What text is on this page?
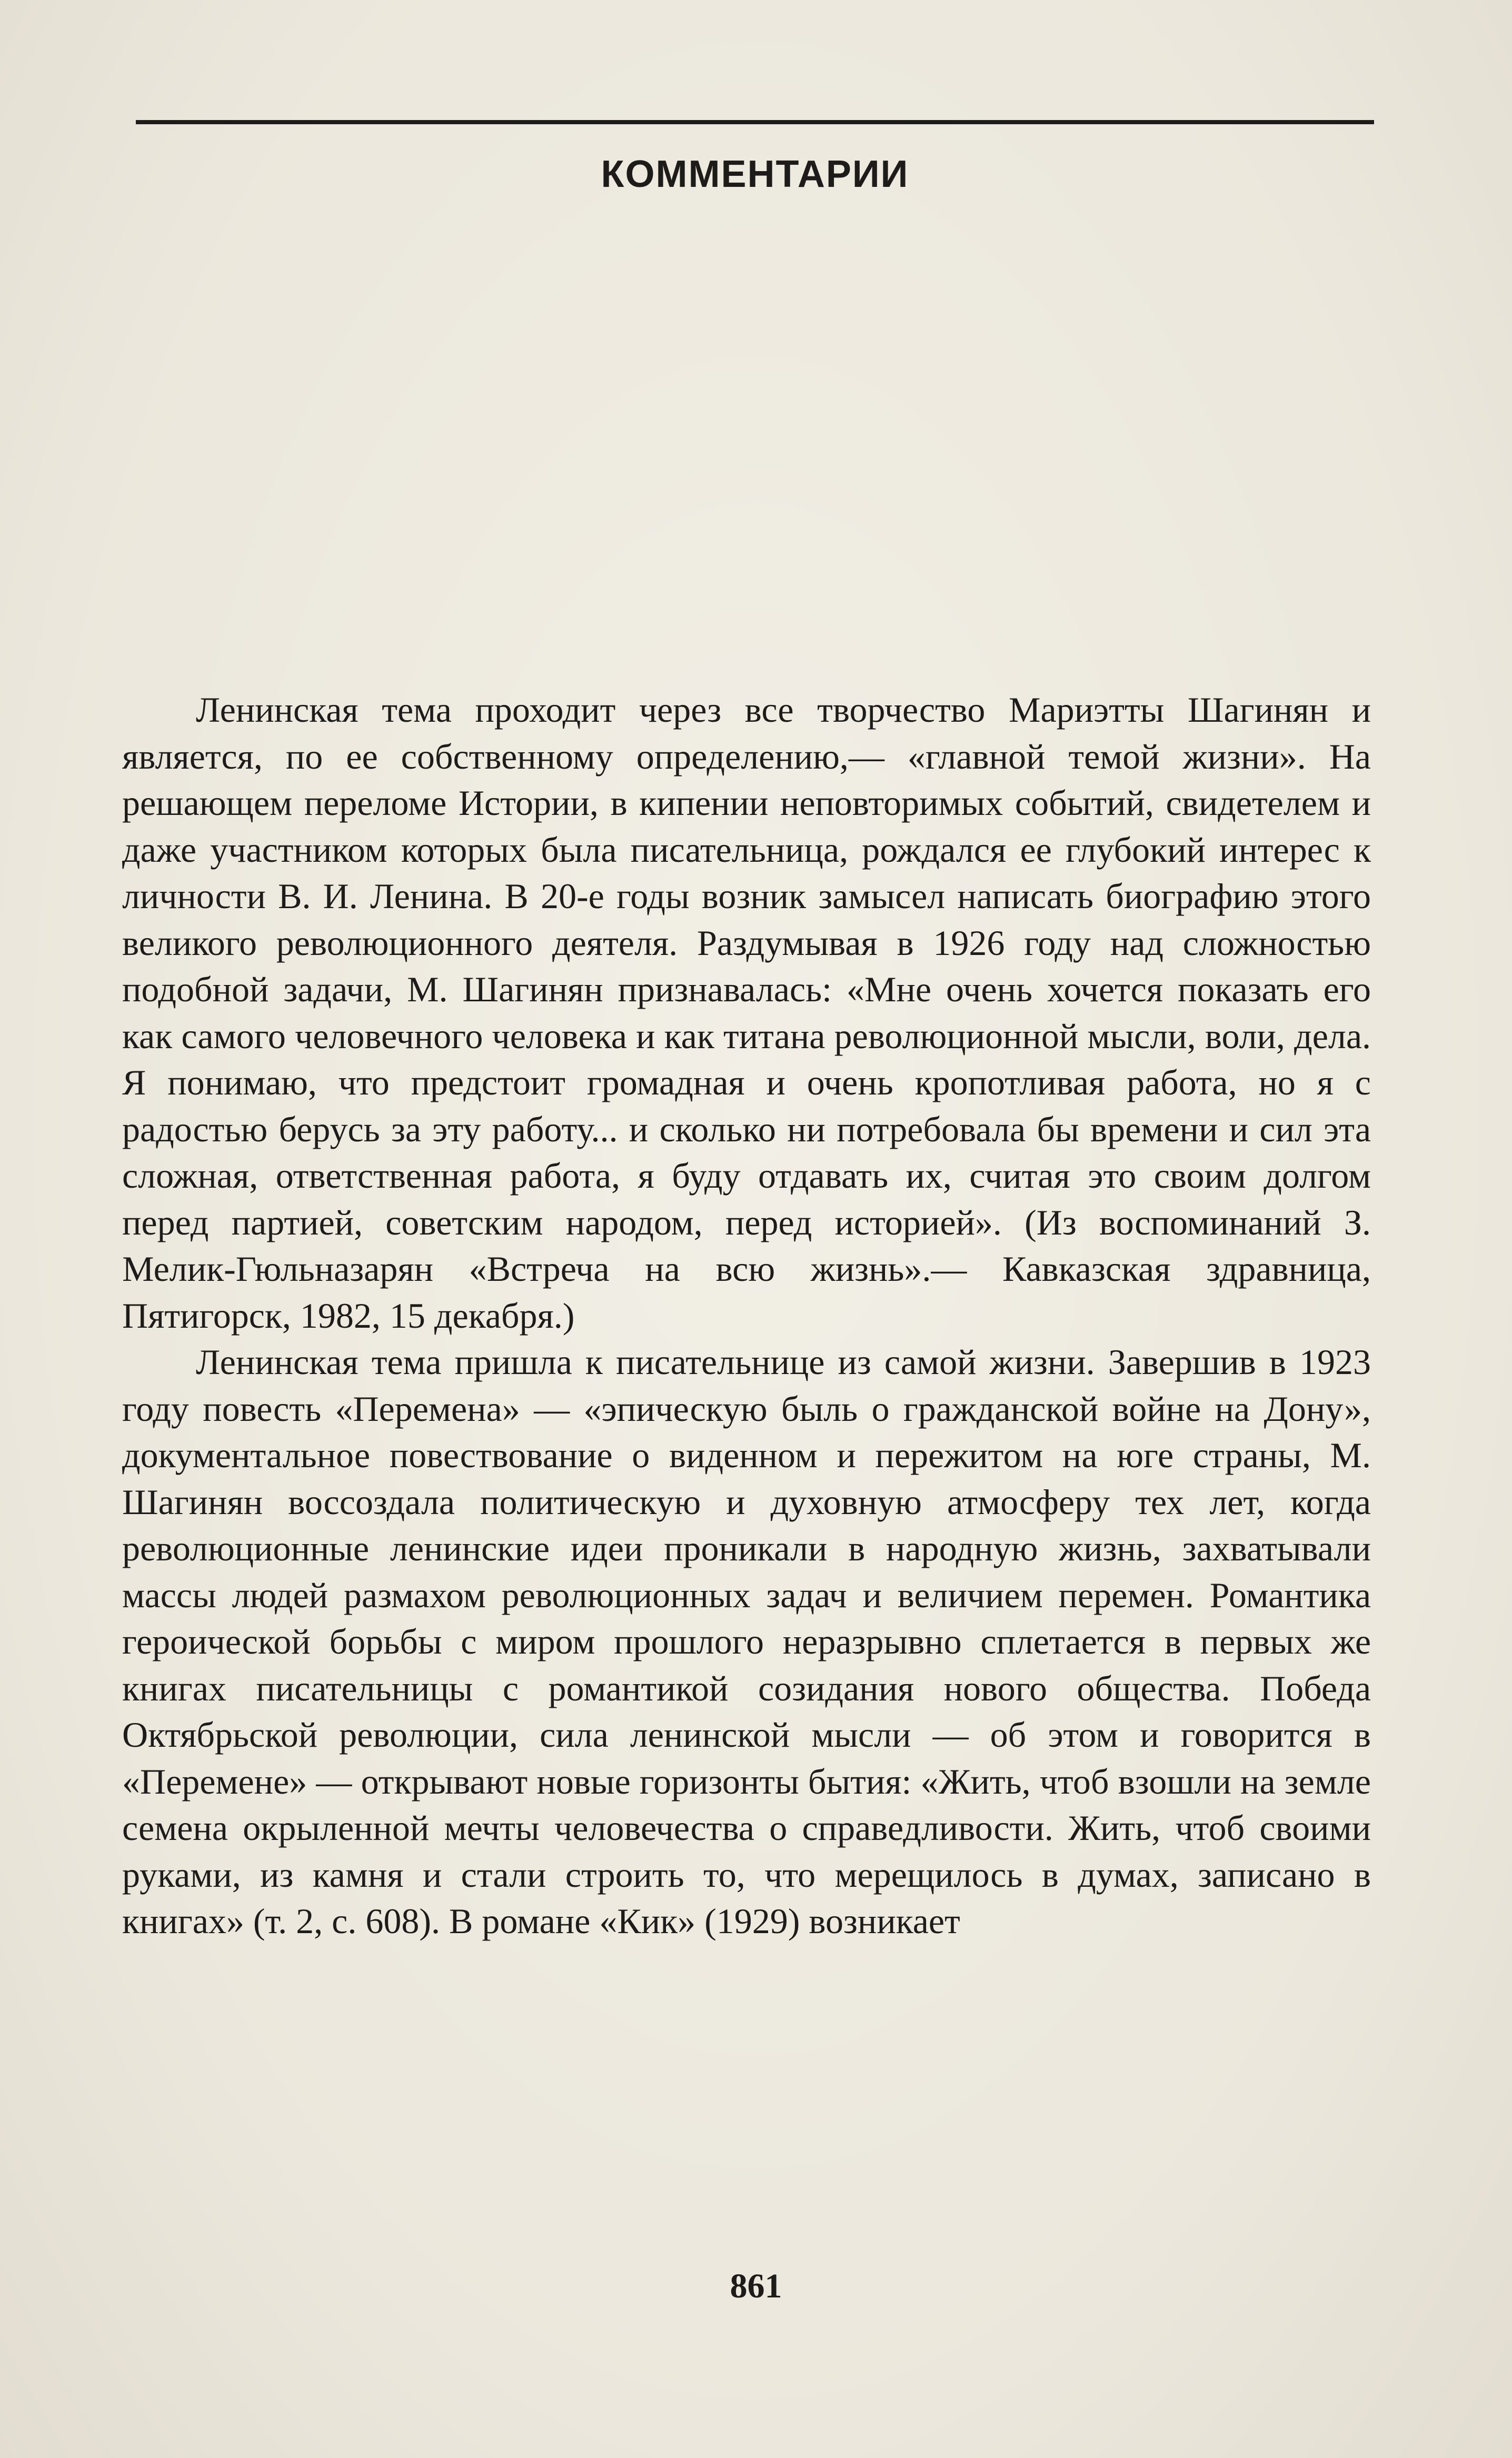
КОММЕНТАРИИ

Ленинская тема проходит через все творчество Мариэтты Шагинян и является, по ее собственному определению,— «главной темой жизни». На решающем переломе Истории, в кипении неповторимых событий, свидетелем и даже участником которых была писательница, рождался ее глубокий интерес к личности В. И. Ленина. В 20-е годы возник замысел написать биографию этого великого революционного деятеля. Раздумывая в 1926 году над сложностью подобной задачи, М. Шагинян признавалась: «Мне очень хочется показать его как самого человечного человека и как титана революционной мысли, воли, дела. Я понимаю, что предстоит громадная и очень кропотливая работа, но я с радостью берусь за эту работу... и сколько ни потребовала бы времени и сил эта сложная, ответственная работа, я буду отдавать их, считая это своим долгом перед партией, советским народом, перед историей». (Из воспоминаний З. Мелик-Гюльназарян «Встреча на всю жизнь».— Кавказская здравница, Пятигорск, 1982, 15 декабря.)

Ленинская тема пришла к писательнице из самой жизни. Завершив в 1923 году повесть «Перемена» — «эпическую быль о гражданской войне на Дону», документальное повествование о виденном и пережитом на юге страны, М. Шагинян воссоздала политическую и духовную атмосферу тех лет, когда революционные ленинские идеи проникали в народную жизнь, захватывали массы людей размахом революционных задач и величием перемен. Романтика героической борьбы с миром прошлого неразрывно сплетается в первых же книгах писательницы с романтикой созидания нового общества. Победа Октябрьской революции, сила ленинской мысли — об этом и говорится в «Перемене» — открывают новые горизонты бытия: «Жить, чтоб взошли на земле семена окрыленной мечты человечества о справедливости. Жить, чтоб своими руками, из камня и стали строить то, что мерещилось в думах, записано в книгах» (т. 2, с. 608). В романе «Кик» (1929) возникает

861
